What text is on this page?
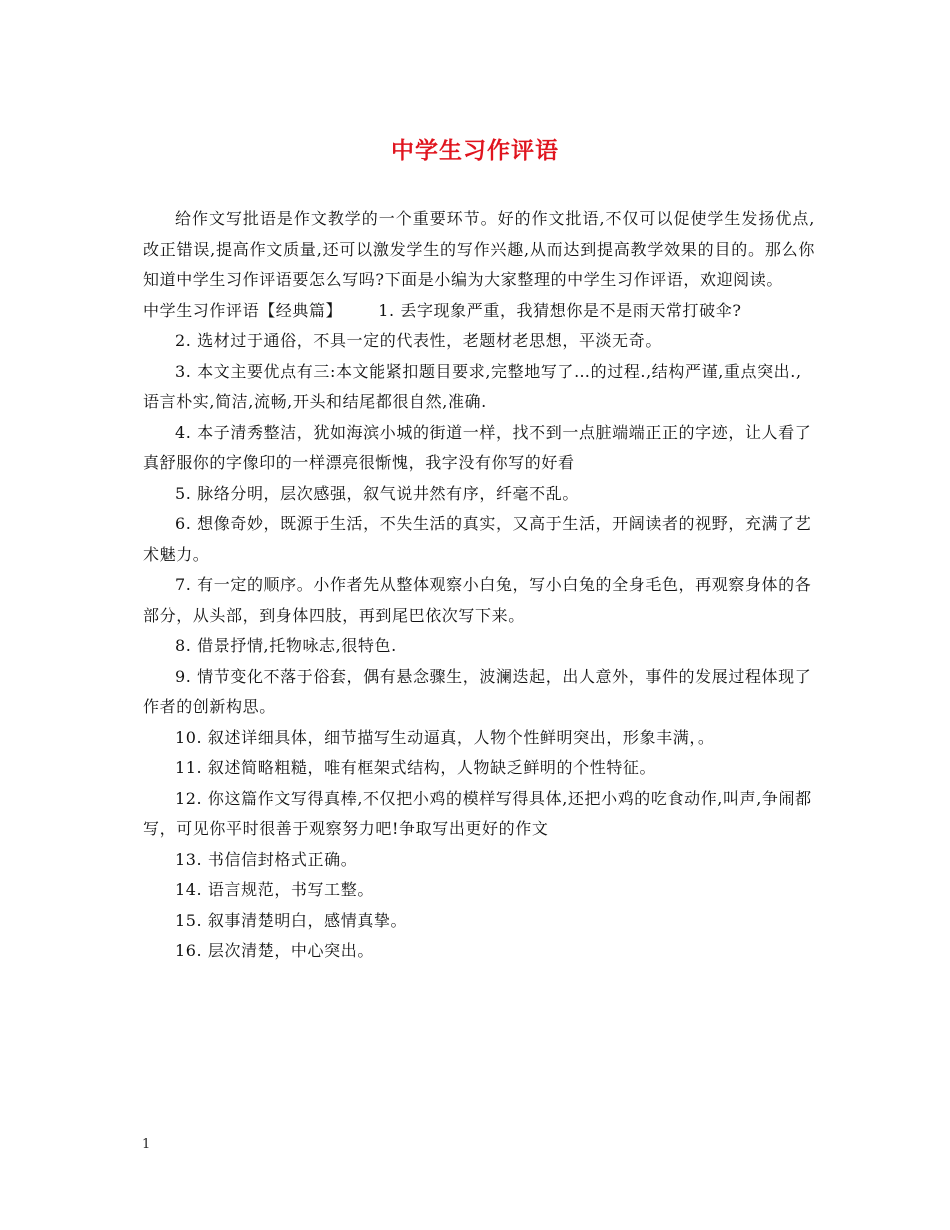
中学生习作评语

给作文写批语是作文教学的一个重要环节。好的作文批语,不仅可以促使学生发扬优点,改正错误,提高作文质量,还可以激发学生的写作兴趣,从而达到提高教学效果的目的。那么你知道中学生习作评语要怎么写吗?下面是小编为大家整理的中学生习作评语，欢迎阅读。

中学生习作评语【经典篇】 1. 丢字现象严重，我猜想你是不是雨天常打破伞?

2. 选材过于通俗，不具一定的代表性，老题材老思想，平淡无奇。

3. 本文主要优点有三:本文能紧扣题目要求,完整地写了…的过程.,结构严谨,重点突出.,语言朴实,简洁,流畅,开头和结尾都很自然,准确.

4. 本子清秀整洁，犹如海滨小城的街道一样，找不到一点脏端端正正的字迹，让人看了真舒服你的字像印的一样漂亮很惭愧，我字没有你写的好看

5. 脉络分明，层次感强，叙气说井然有序，纤毫不乱。

6. 想像奇妙，既源于生活，不失生活的真实，又高于生活，开阔读者的视野，充满了艺术魅力。

7. 有一定的顺序。小作者先从整体观察小白兔，写小白兔的全身毛色，再观察身体的各部分，从头部，到身体四肢，再到尾巴依次写下来。

8. 借景抒情,托物咏志,很特色.

9. 情节变化不落于俗套，偶有悬念骤生，波澜迭起，出人意外，事件的发展过程体现了作者的创新构思。

10. 叙述详细具体，细节描写生动逼真，人物个性鲜明突出，形象丰满，。

11. 叙述简略粗糙，唯有框架式结构，人物缺乏鲜明的个性特征。

12. 你这篇作文写得真棒,不仅把小鸡的模样写得具体,还把小鸡的吃食动作,叫声,争闹都写，可见你平时很善于观察努力吧!争取写出更好的作文

13. 书信信封格式正确。

14. 语言规范，书写工整。

15. 叙事清楚明白，感情真挚。

16. 层次清楚，中心突出。

1
